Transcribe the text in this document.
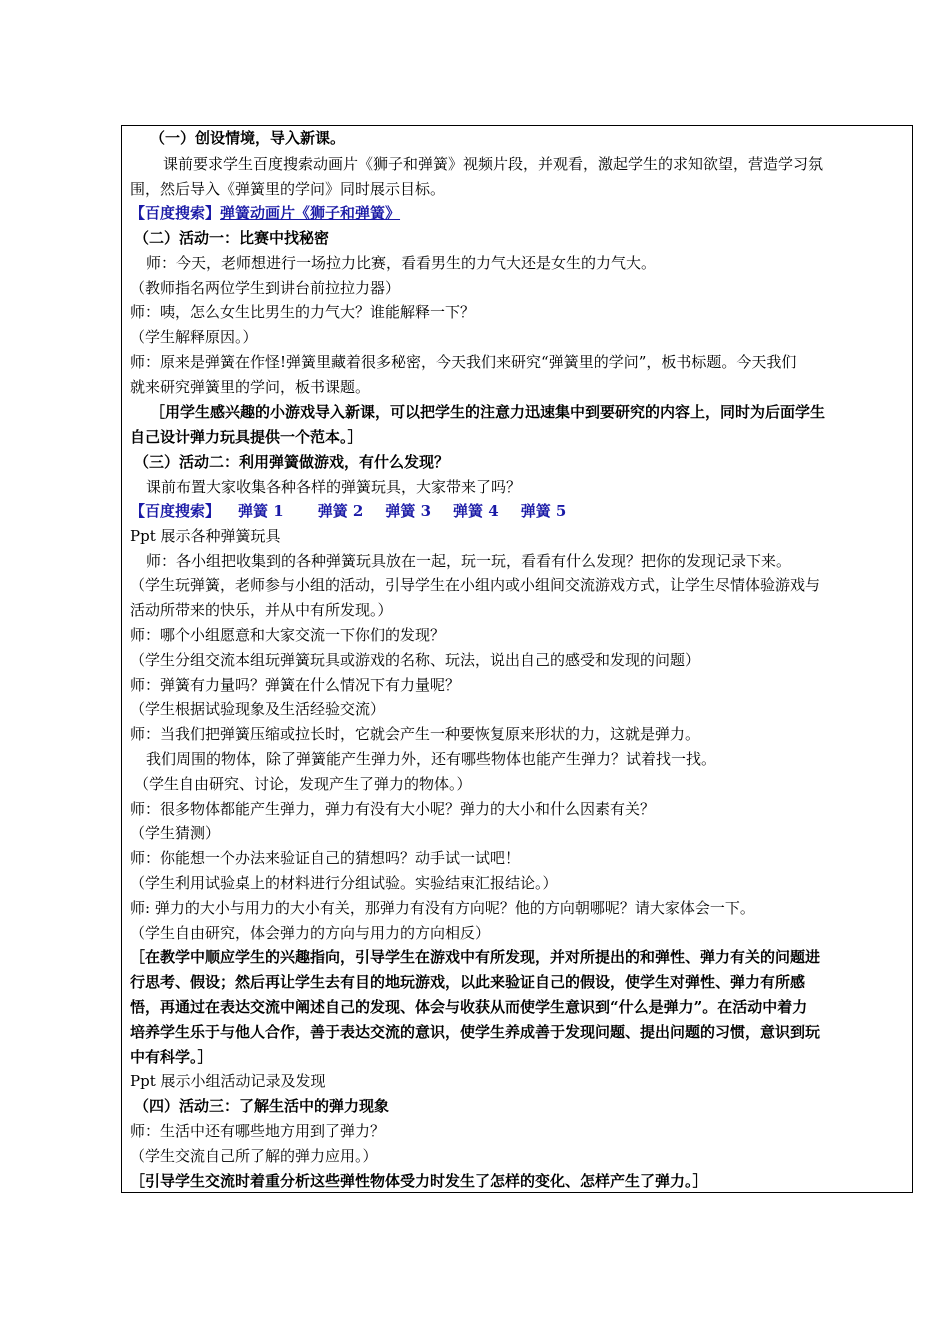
（一）创设情境，导入新课。
课前要求学生百度搜索动画片《狮子和弹簧》视频片段，并观看，激起学生的求知欲望，营造学习氛
围，然后导入《弹簧里的学问》同时展示目标。
【百度搜索】弹簧动画片《狮子和弹簧》
（二）活动一：比赛中找秘密
师：今天，老师想进行一场拉力比赛，看看男生的力气大还是女生的力气大。
（教师指名两位学生到讲台前拉拉力器）
师：咦，怎么女生比男生的力气大？谁能解释一下？
（学生解释原因。）
师：原来是弹簧在作怪!弹簧里藏着很多秘密，今天我们来研究“弹簧里的学问”，板书标题。今天我们
就来研究弹簧里的学问，板书课题。
［用学生感兴趣的小游戏导入新课，可以把学生的注意力迅速集中到要研究的内容上，同时为后面学生
自己设计弹力玩具提供一个范本。］
（三）活动二：利用弹簧做游戏，有什么发现？
课前布置大家收集各种各样的弹簧玩具，大家带来了吗？
【百度搜索】 弹簧 1 弹簧 2 弹簧 3 弹簧 4 弹簧 5
Ppt 展示各种弹簧玩具
师：各小组把收集到的各种弹簧玩具放在一起，玩一玩，看看有什么发现？把你的发现记录下来。
（学生玩弹簧，老师参与小组的活动，引导学生在小组内或小组间交流游戏方式，让学生尽情体验游戏与
活动所带来的快乐，并从中有所发现。）
师：哪个小组愿意和大家交流一下你们的发现？
（学生分组交流本组玩弹簧玩具或游戏的名称、玩法，说出自己的感受和发现的问题）
师：弹簧有力量吗？弹簧在什么情况下有力量呢？
（学生根据试验现象及生活经验交流）
师：当我们把弹簧压缩或拉长时，它就会产生一种要恢复原来形状的力，这就是弹力。
我们周围的物体，除了弹簧能产生弹力外，还有哪些物体也能产生弹力？试着找一找。
（学生自由研究、讨论，发现产生了弹力的物体。）
师：很多物体都能产生弹力，弹力有没有大小呢？弹力的大小和什么因素有关？
（学生猜测）
师：你能想一个办法来验证自己的猜想吗？动手试一试吧！
（学生利用试验桌上的材料进行分组试验。实验结束汇报结论。）
师: 弹力的大小与用力的大小有关，那弹力有没有方向呢？他的方向朝哪呢？请大家体会一下。
（学生自由研究，体会弹力的方向与用力的方向相反）
［在教学中顺应学生的兴趣指向，引导学生在游戏中有所发现，并对所提出的和弹性、弹力有关的问题进
行思考、假设；然后再让学生去有目的地玩游戏，以此来验证自己的假设，使学生对弹性、弹力有所感
悟，再通过在表达交流中阐述自己的发现、体会与收获从而使学生意识到“什么是弹力”。在活动中着力
培养学生乐于与他人合作，善于表达交流的意识，使学生养成善于发现问题、提出问题的习惯，意识到玩
中有科学。］
Ppt 展示小组活动记录及发现
（四）活动三：了解生活中的弹力现象
师：生活中还有哪些地方用到了弹力？
（学生交流自己所了解的弹力应用。）
［引导学生交流时着重分析这些弹性物体受力时发生了怎样的变化、怎样产生了弹力。］
